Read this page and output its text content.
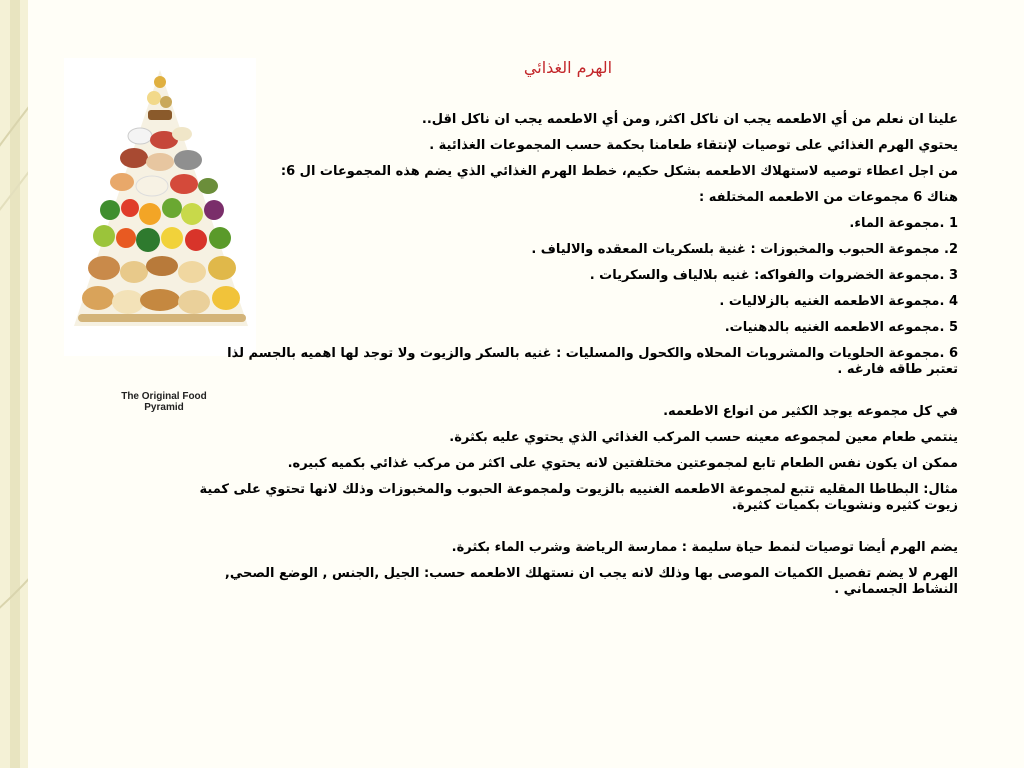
The Original Food Pyramid
الهرم الغذائي

علينا ان نعلم من أي الاطعمه يجب ان ناكل اكثر, ومن أي الاطعمه يجب ان ناكل اقل..

يحتوي الهرم الغذائي على توصيات لإنتقاء طعامنا بحكمة حسب المجموعات الغذائية .

من اجل اعطاء توصيه لاستهلاك الاطعمه بشكل حكيم، خطط الهرم الغذائي الذي يضم هذه المجموعات ال 6:

هناك 6 مجموعات من الاطعمه المختلفه :

1 .مجموعة الماء.

2. مجموعة الحبوب والمخبوزات : غنية بلسكريات المعقده والالياف .

3 .مجموعة الخضروات والفواكه: غنيه بلالياف والسكريات .

4 .مجموعة الاطعمه الغنيه بالزلاليات .

5 .مجموعه الاطعمه الغنيه بالدهنيات.

6 .مجموعة الحلويات والمشروبات المحلاه والكحول والمسليات : غنيه بالسكر والزيوت ولا توجد لها اهميه بالجسم لذا تعتبر طاقه فارغه .

في كل مجموعه يوجد الكثير من انواع الاطعمه.

ينتمي طعام معين لمجموعه معينه حسب المركب الغذائي الذي يحتوي عليه بكثرة.

ممكن ان يكون نفس الطعام تابع لمجموعتين مختلفتين لانه يحتوي على اكثر من مركب غذائي بكميه كبيره.

مثال: البطاطا المقليه تتبع لمجموعة الاطعمه الغنييه بالزيوت ولمجموعة الحبوب والمخبوزات وذلك لانها تحتوي على كمية زيوت كثيره ونشويات بكميات كثيرة.

يضم الهرم أيضا توصيات لنمط حياة سليمة : ممارسة الرياضة وشرب الماء بكثرة.

الهرم لا يضم تفصيل الكميات الموصى بها وذلك لانه يجب ان نستهلك الاطعمه حسب: الجيل ,الجنس , الوضع الصحي, النشاط الجسماني .
